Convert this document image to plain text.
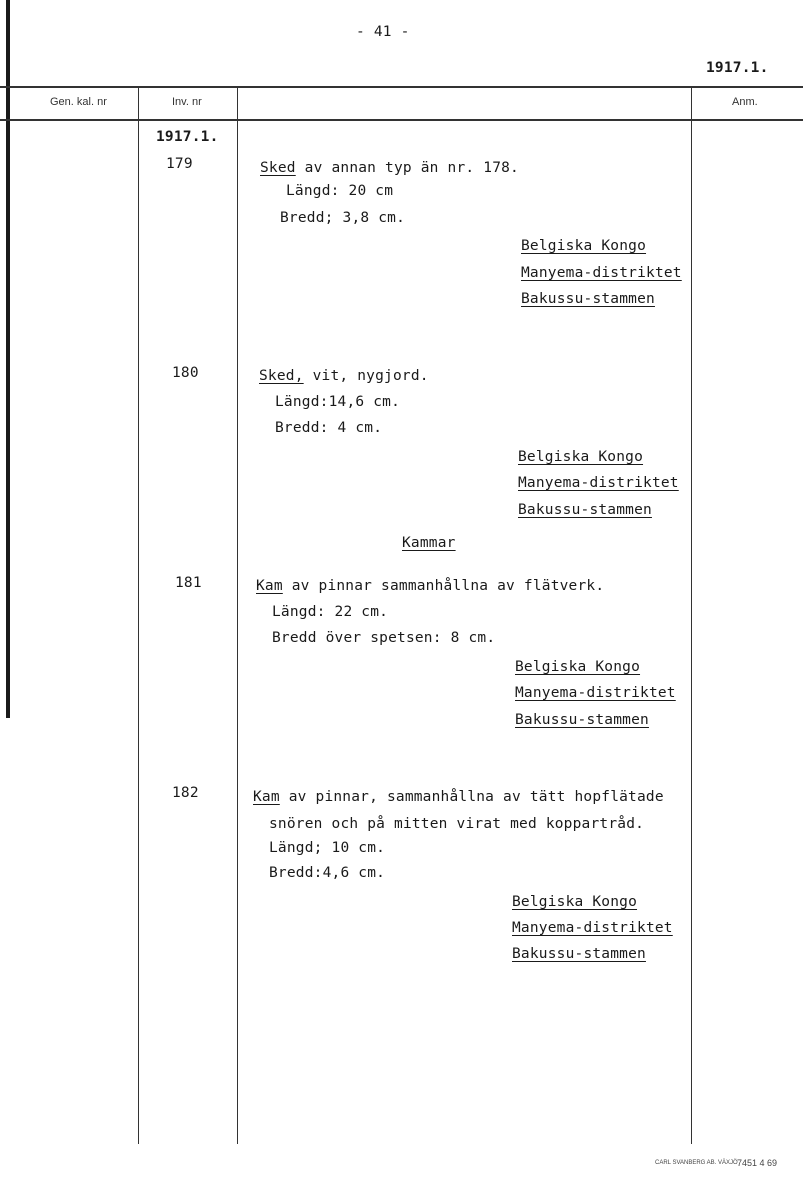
- 41 -
1917.1.
Gen. kal. nr	Inv. nr	Anm.
1917.1.
179	Sked av annan typ än nr. 178.
Längd: 20 cm
Bredd; 3,8 cm.
Belgiska Kongo
Manyema-distriktet
Bakussu-stammen
180	Sked, vit, nygjord.
Längd:14,6 cm.
Bredd: 4 cm.
Belgiska Kongo
Manyema-distriktet
Bakussu-stammen
Kammar
181	Kam av pinnar sammanhållna av flätverk.
Längd: 22 cm.
Bredd över spetsen: 8 cm.
Belgiska Kongo
Manyema-distriktet
Bakussu-stammen
182	Kam av pinnar, sammanhållna av tätt hopflätade
snören och på mitten virat med koppartråd.
Längd; 10 cm.
Bredd:4,6 cm.
Belgiska Kongo
Manyema-distriktet
Bakussu-stammen
CARL SVANBERG AB. VÄXJÖ 7451 4 69
